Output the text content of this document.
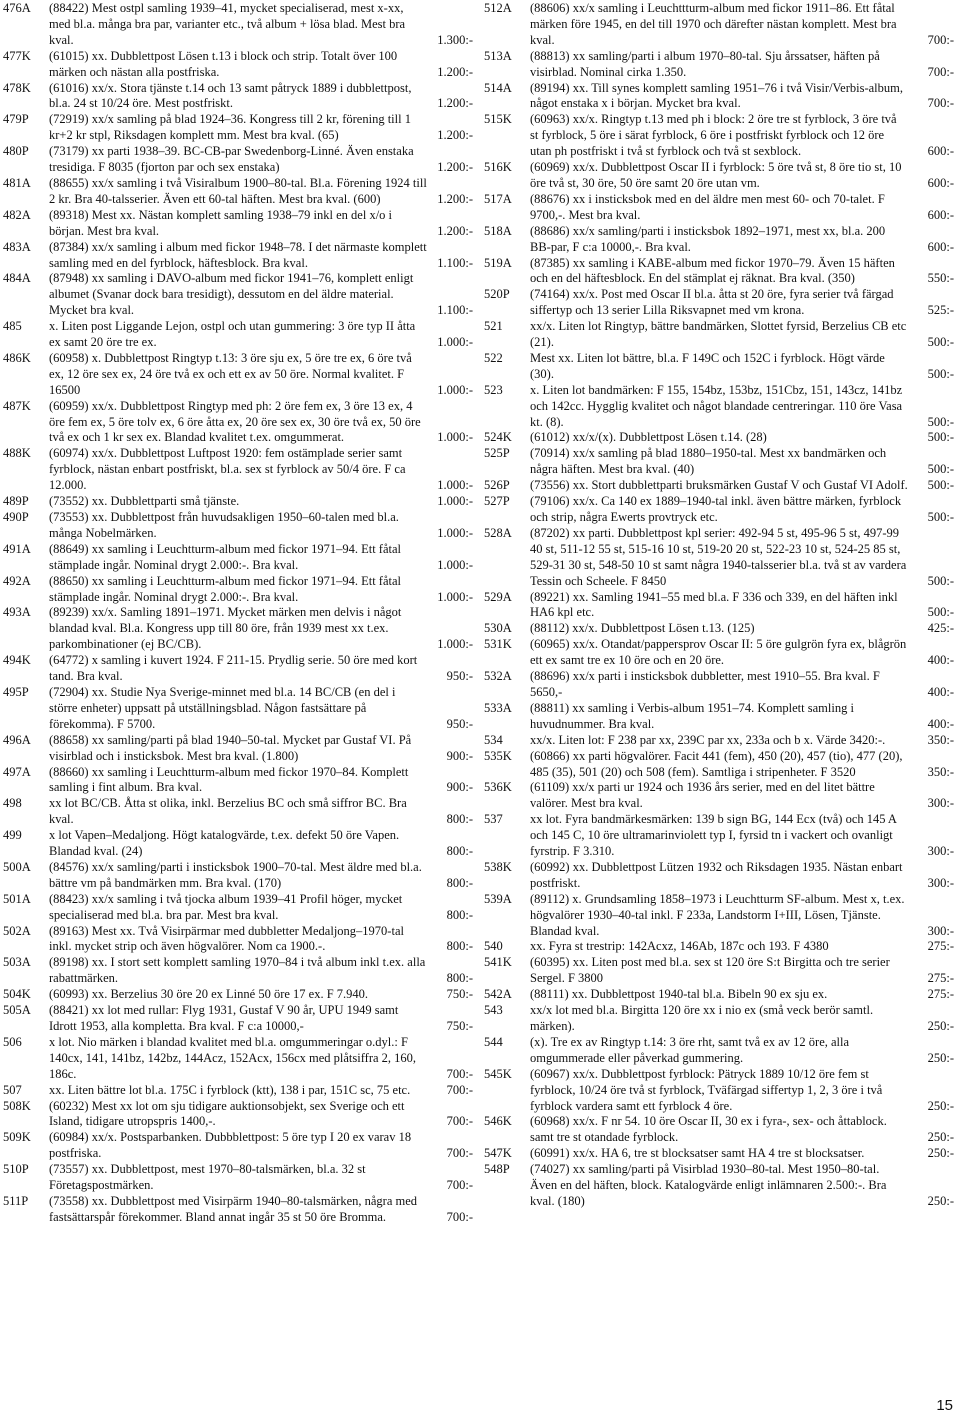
476A (88422) Mest ostpl samling 1939–41, mycket specialiserad, mest x-xx, med bl.a. många bra par, varianter etc., två album + lösa blad. Mest bra kval.	1.300:-
477K (61015) xx. Dubblettpost Lösen t.13 i block och strip. Totalt över 100 märken och nästan alla postfriska.	1.200:-
478K (61016) xx/x. Stora tjänste t.14 och 13 samt påtryck 1889 i dubblettpost, bl.a. 24 st 10/24 öre. Mest postfriskt.	1.200:-
479P (72919) xx/x samling på blad 1924–36. Kongress till 2 kr, förening till 1 kr+2 kr stpl, Riksdagen komplett mm. Mest bra kval. (65)	1.200:-
480P (73179) xx parti 1938–39. BC-CB-par Swedenborg-Linné. Även enstaka tresidiga. F 8035 (fjorton par och sex enstaka)	1.200:-
481A (88655) xx/x samling i två Visiralbum 1900–80-tal. Bl.a. Förening 1924 till 2 kr. Bra 40-talsserier. Även ett 60-tal häften. Mest bra kval. (600)	1.200:-
482A (89318) Mest xx. Nästan komplett samling 1938–79 inkl en del x/o i början. Mest bra kval.	1.200:-
483A (87384) xx/x samling i album med fickor 1948–78. I det närmaste komplett samling med en del fyrblock, häftesblock. Bra kval.	1.100:-
484A (87948) xx samling i DAVO-album med fickor 1941–76, komplett enligt albumet (Svanar dock bara tresidigt), dessutom en del äldre material. Mycket bra kval.	1.100:-
485 x. Liten post Liggande Lejon, ostpl och utan gummering: 3 öre typ II åtta ex samt 20 öre tre ex.	1.000:-
486K (60958) x. Dubblettpost Ringtyp t.13: 3 öre sju ex, 5 öre tre ex, 6 öre två ex, 12 öre sex ex, 24 öre två ex och ett ex av 50 öre. Normal kvalitet. F 16500	1.000:-
487K (60959) xx/x. Dubblettpost Ringtyp med ph: 2 öre fem ex, 3 öre 13 ex, 4 öre fem ex, 5 öre tolv ex, 6 öre åtta ex, 20 öre sex ex, 30 öre två ex, 50 öre två ex och 1 kr sex ex. Blandad kvalitet t.ex. omgummerat.	1.000:-
488K (60974) xx/x. Dubblettpost Luftpost 1920: fem ostämplade serier samt fyrblock, nästan enbart postfriskt, bl.a. sex st fyrblock av 50/4 öre. F ca 12.000.	1.000:-
489P (73552) xx. Dubblettparti små tjänste.	1.000:-
490P (73553) xx. Dubblettpost från huvudsakligen 1950–60-talen med bl.a. många Nobelmärken.	1.000:-
491A (88649) xx samling i Leuchtturm-album med fickor 1971–94. Ett fåtal stämplade ingår. Nominal drygt 2.000:-. Bra kval.	1.000:-
492A (88650) xx samling i Leuchtturm-album med fickor 1971–94. Ett fåtal stämplade ingår. Nominal drygt 2.000:-. Bra kval.	1.000:-
493A (89239) xx/x. Samling 1891–1971. Mycket märken men delvis i något blandad kval. Bl.a. Kongress upp till 80 öre, från 1939 mest xx t.ex. parkombinationer (ej BC/CB).	1.000:-
494K (64772) x samling i kuvert 1924. F 211-15. Prydlig serie. 50 öre med kort tand. Bra kval.	950:-
495P (72904) xx. Studie Nya Sverige-minnet med bl.a. 14 BC/CB (en del i större enheter) uppsatt på utställningsblad. Någon fastsättare på förekomma). F 5700.	950:-
496A (88658) xx samling/parti på blad 1940–50-tal. Mycket par Gustaf VI. På visirblad och i insticksbok. Mest bra kval. (1.800)	900:-
497A (88660) xx samling i Leuchtturm-album med fickor 1970–84. Komplett samling i fint album. Bra kval.	900:-
498 xx lot BC/CB. Åtta st olika, inkl. Berzelius BC och små siffror BC. Bra kval.	800:-
499 x lot Vapen–Medaljong. Högt katalogvärde, t.ex. defekt 50 öre Vapen. Blandad kval. (24)	800:-
500A (84576) xx/x samling/parti i insticksbok 1900–70-tal. Mest äldre med bl.a. bättre vm på bandmärken mm. Bra kval. (170)	800:-
501A (88423) xx/x samling i två tjocka album 1939–41 Profil höger, mycket specialiserad med bl.a. bra par. Mest bra kval.	800:-
502A (89163) Mest xx. Två Visirpärmar med dubbletter Medaljong–1970-tal inkl. mycket strip och även högvalörer. Nom ca 1900.-.	800:-
503A (89198) xx. I stort sett komplett samling 1970–84 i två album inkl t.ex. alla rabattmärken.	800:-
504K (60993) xx. Berzelius 30 öre 20 ex Linné 50 öre 17 ex. F 7.940.	750:-
505A (88421) xx lot med rullar: Flyg 1931, Gustaf V 90 år, UPU 1949 samt Idrott 1953, alla kompletta. Bra kval. F c:a 10000,-	750:-
506 x lot. Nio märken i blandad kvalitet med bl.a. omgummeringar o.dyl.: F 140cx, 141, 141bz, 142bz, 144Acz, 152Acx, 156cx med plåtsiffra 2, 160, 186c.	700:-
507 xx. Liten bättre lot bl.a. 175C i fyrblock (ktt), 138 i par, 151C sc, 75 etc.	700:-
508K (60232) Mest xx lot om sju tidigare auktionsobjekt, sex Sverige och ett Island, tidigare utropspris 1400,-.	700:-
509K (60984) xx/x. Postsparbanken. Dubbblettpost: 5 öre typ I 20 ex varav 18 postfriska.	700:-
510P (73557) xx. Dubblettpost, mest 1970–80-talsmärken, bl.a. 32 st Företagspostmärken.	700:-
511P (73558) xx. Dubblettpost med Visirpärm 1940–80-talsmärken, några med fastsättarspår förekommer. Bland annat ingår 35 st 50 öre Bromma.	700:-
512A (88606) xx/x samling i Leuchttturm-album med fickor 1911–86. Ett fåtal märken före 1945, en del till 1970 och därefter nästan komplett. Mest bra kval.	700:-
513A (88813) xx samling/parti i album 1970–80-tal. Sju årssatser, häften på visirblad. Nominal cirka 1.350.	700:-
514A (89194) xx. Till synes komplett samling 1951–76 i två Visir/Verbis-album, något enstaka x i början. Mycket bra kval.	700:-
515K (60963) xx/x. Ringtyp t.13 med ph i block: 2 öre tre st fyrblock, 3 öre två st fyrblock, 5 öre i särat fyrblock, 6 öre i postfriskt fyrblock och 12 öre utan ph postfriskt i två st fyrblock och två st sexblock.	600:-
516K (60969) xx/x. Dubblettpost Oscar II i fyrblock: 5 öre två st, 8 öre tio st, 10 öre två st, 30 öre, 50 öre samt 20 öre utan vm.	600:-
517A (88676) xx i insticksbok med en del äldre men mest 60- och 70-talet. F 9700,-. Mest bra kval.	600:-
518A (88686) xx/x samling/parti i insticksbok 1892–1971, mest xx, bl.a. 200 BB-par, F c:a 10000,-. Bra kval.	600:-
519A (87385) xx samling i KABE-album med fickor 1970–79. Även 15 häften och en del häftesblock. En del stämplat ej räknat. Bra kval. (350)	550:-
520P (74164) xx/x. Post med Oscar II bl.a. åtta st 20 öre, fyra serier två färgad siffertyp och 13 serier Lilla Riksvapnet med vm krona.	525:-
521 xx/x. Liten lot Ringtyp, bättre bandmärken, Slottet fyrsid, Berzelius CB etc (21).	500:-
522 Mest xx. Liten lot bättre, bl.a. F 149C och 152C i fyrblock. Högt värde (30).	500:-
523 x. Liten lot bandmärken: F 155, 154bz, 153bz, 151Cbz, 151, 143cz, 141bz och 142cc. Hygglig kvalitet och något blandade centreringar. 110 öre Vasa kt. (8).	500:-
524K (61012) xx/x/(x). Dubblettpost Lösen t.14. (28)	500:-
525P (70914) xx/x samling på blad 1880–1950-tal. Mest xx bandmärken och några häften. Mest bra kval. (40)	500:-
526P (73556) xx. Stort dubblettparti bruksmärken Gustaf V och Gustaf VI Adolf. 500:-
527P (79106) xx/x. Ca 140 ex 1889–1940-tal inkl. även bättre märken, fyrblock och strip, några Ewerts provtryck etc.	500:-
528A (87202) xx parti. Dubblettpost kpl serier: 492-94 5 st, 495-96 5 st, 497-99 40 st, 511-12 55 st, 515-16 10 st, 519-20 20 st, 522-23 10 st, 524-25 85 st, 529-31 30 st, 548-50 10 st samt några 1940-talsserier bl.a. två st av vardera Tessin och Scheele. F 8450	500:-
529A (89221) xx. Samling 1941–55 med bl.a. F 336 och 339, en del häften inkl HA6 kpl etc.	500:-
530A (88112) xx/x. Dubblettpost Lösen t.13. (125)	425:-
531K (60965) xx/x. Otandat/pappersprov Oscar II: 5 öre gulgrön fyra ex, blågrön ett ex samt tre ex 10 öre och en 20 öre.	400:-
532A (88696) xx/x parti i insticksbok dubbletter, mest 1910–55. Bra kval. F 5650,-	400:-
533A (88811) xx samling i Verbis-album 1951–74. Komplett samling i huvudnummer. Bra kval.	400:-
534 xx/x. Liten lot: F 238 par xx, 239C par xx, 233a och b x. Värde 3420:-.	350:-
535K (60866) xx parti högvalörer. Facit 441 (fem), 450 (20), 457 (tio), 477 (20), 485 (35), 501 (20) och 508 (fem). Samtliga i stripenheter. F 3520	350:-
536K (61109) xx/x parti ur 1924 och 1936 års serier, med en del litet bättre valörer. Mest bra kval.	300:-
537 xx lot. Fyra bandmärkesmärken: 139 b sign BG, 144 Ecx (två) och 145 A och 145 C, 10 öre ultramarinviolett typ I, fyrsid tn i vackert och ovanligt fyrstrip. F 3.310.	300:-
538K (60992) xx. Dubblettpost Lützen 1932 och Riksdagen 1935. Nästan enbart postfriskt.	300:-
539A (89112) x. Grundsamling 1858–1973 i Leuchtturm SF-album. Mest x, t.ex. högvalörer 1930–40-tal inkl. F 233a, Landstorm I+III, Lösen, Tjänste. Blandad kval.	300:-
540 xx. Fyra st trestrip: 142Acxz, 146Ab, 187c och 193. F 4380	275:-
541K (60395) xx. Liten post med bl.a. sex st 120 öre S:t Birgitta och tre serier Sergel. F 3800	275:-
542A (88111) xx. Dubblettpost 1940-tal bl.a. Bibeln 90 ex sju ex.	275:-
543 xx/x lot med bl.a. Birgitta 120 öre xx i nio ex (små veck berör samtl. märken).	250:-
544 (x). Tre ex av Ringtyp t.14: 3 öre rht, samt två ex av 12 öre, alla omgummerade eller påverkad gummering.	250:-
545K (60967) xx/x. Dubblettpost fyrblock: Pätryck 1889 10/12 öre fem st fyrblock, 10/24 öre två st fyrblock, Tväfärgad siffertyp 1, 2, 3 öre i två fyrblock vardera samt ett fyrblock 4 öre.	250:-
546K (60968) xx/x. F nr 54. 10 öre Oscar II, 30 ex i fyra-, sex- och åttablock. samt tre st otandade fyrblock.	250:-
547K (60991) xx/x. HA 6, tre st blocksatser samt HA 4 tre st blocksatser.	250:-
548P (74027) xx samling/parti på Visirblad 1930–80-tal. Mest 1950–80-tal. Även en del häften, block. Katalogvärde enligt inlämnaren 2.500:-. Bra kval. (180)	250:-
15
